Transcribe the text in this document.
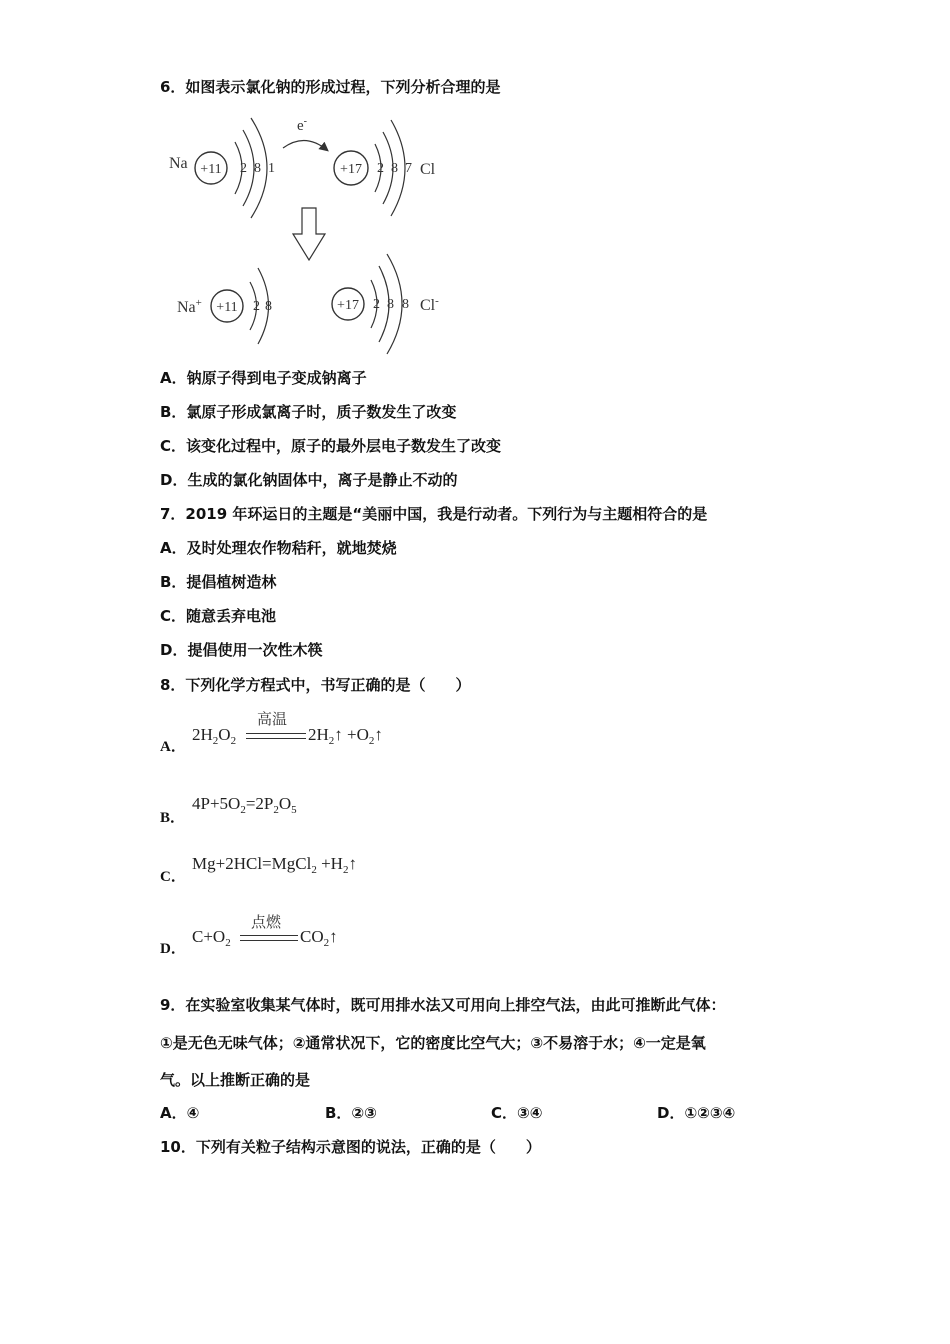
6．如图表示氯化钠的形成过程，下列分析合理的是
Na +11 2 8 1
e-
+17 2 8 7 Cl
Na+ +11 2 8	+17 2 8 8 Cl-
A．钠原子得到电子变成钠离子
B．氯原子形成氯离子时，质子数发生了改变
C．该变化过程中，原子的最外层电子数发生了改变
D．生成的氯化钠固体中，离子是静止不动的
7．2019 年环运日的主题是“美丽中国，我是行动者。下列行为与主题相符合的是
A．及时处理农作物秸秆，就地焚烧
B．提倡植树造林
C．随意丢弃电池
D．提倡使用一次性木筷
8．下列化学方程式中，书写正确的是（　　）
A．
$2H_2O_2$
高温
$2H_2↑$ $+O_2↑$
B．
$4P+5O_2=2P_2O_5$
C．
Mg+2HCl=MgCl$_2$ $+H_2↑$
D．
$C+O_2$
点燃
$CO_2↑$
9．在实验室收集某气体时，既可用排水法又可用向上排空气法，由此可推断此气体：
①是无色无味气体；②通常状况下，它的密度比空气大；③不易溶于水；④一定是氧
气。以上推断正确的是
A．④	B．②③	C．③④	D．①②③④
10．下列有关粒子结构示意图的说法，正确的是（　　）
